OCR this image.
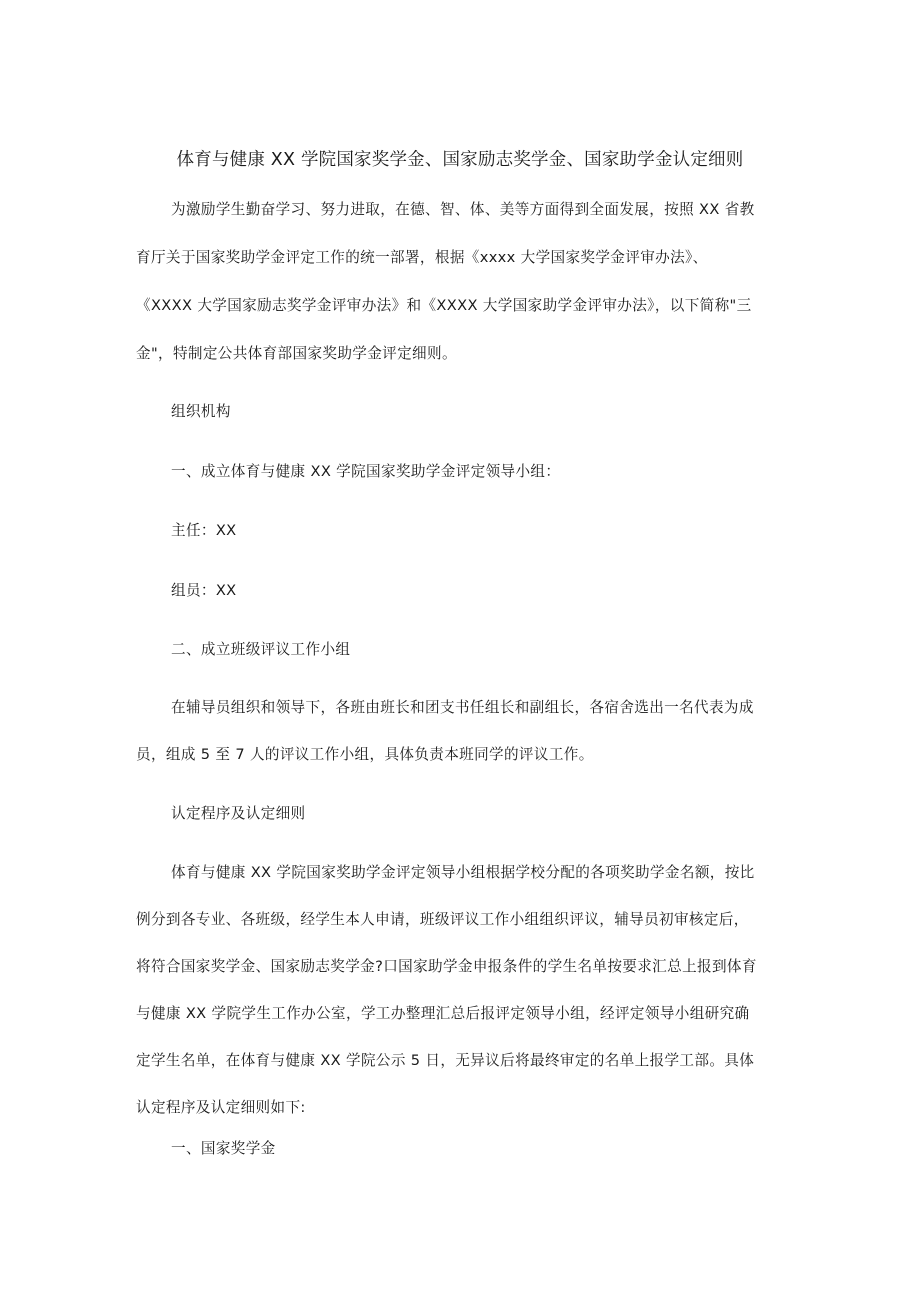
体育与健康 XX 学院国家奖学金、国家励志奖学金、国家助学金认定细则
为激励学生勤奋学习、努力进取，在德、智、体、美等方面得到全面发展，按照 XX 省教
育厅关于国家奖助学金评定工作的统一部署，根据《xxxx 大学国家奖学金评审办法》、
《XXXX 大学国家励志奖学金评审办法》和《XXXX 大学国家助学金评审办法》，以下简称"三
金"，特制定公共体育部国家奖助学金评定细则。
组织机构
一、成立体育与健康 XX 学院国家奖助学金评定领导小组：
主任：XX
组员：XX
二、成立班级评议工作小组
在辅导员组织和领导下，各班由班长和团支书任组长和副组长，各宿舍选出一名代表为成
员，组成 5 至 7 人的评议工作小组，具体负责本班同学的评议工作。
认定程序及认定细则
体育与健康 XX 学院国家奖助学金评定领导小组根据学校分配的各项奖助学金名额，按比
例分到各专业、各班级，经学生本人申请，班级评议工作小组组织评议，辅导员初审核定后，
将符合国家奖学金、国家励志奖学金?口国家助学金申报条件的学生名单按要求汇总上报到体育
与健康 XX 学院学生工作办公室，学工办整理汇总后报评定领导小组，经评定领导小组研究确
定学生名单，在体育与健康 XX 学院公示 5 日，无异议后将最终审定的名单上报学工部。具体
认定程序及认定细则如下:
一、国家奖学金
